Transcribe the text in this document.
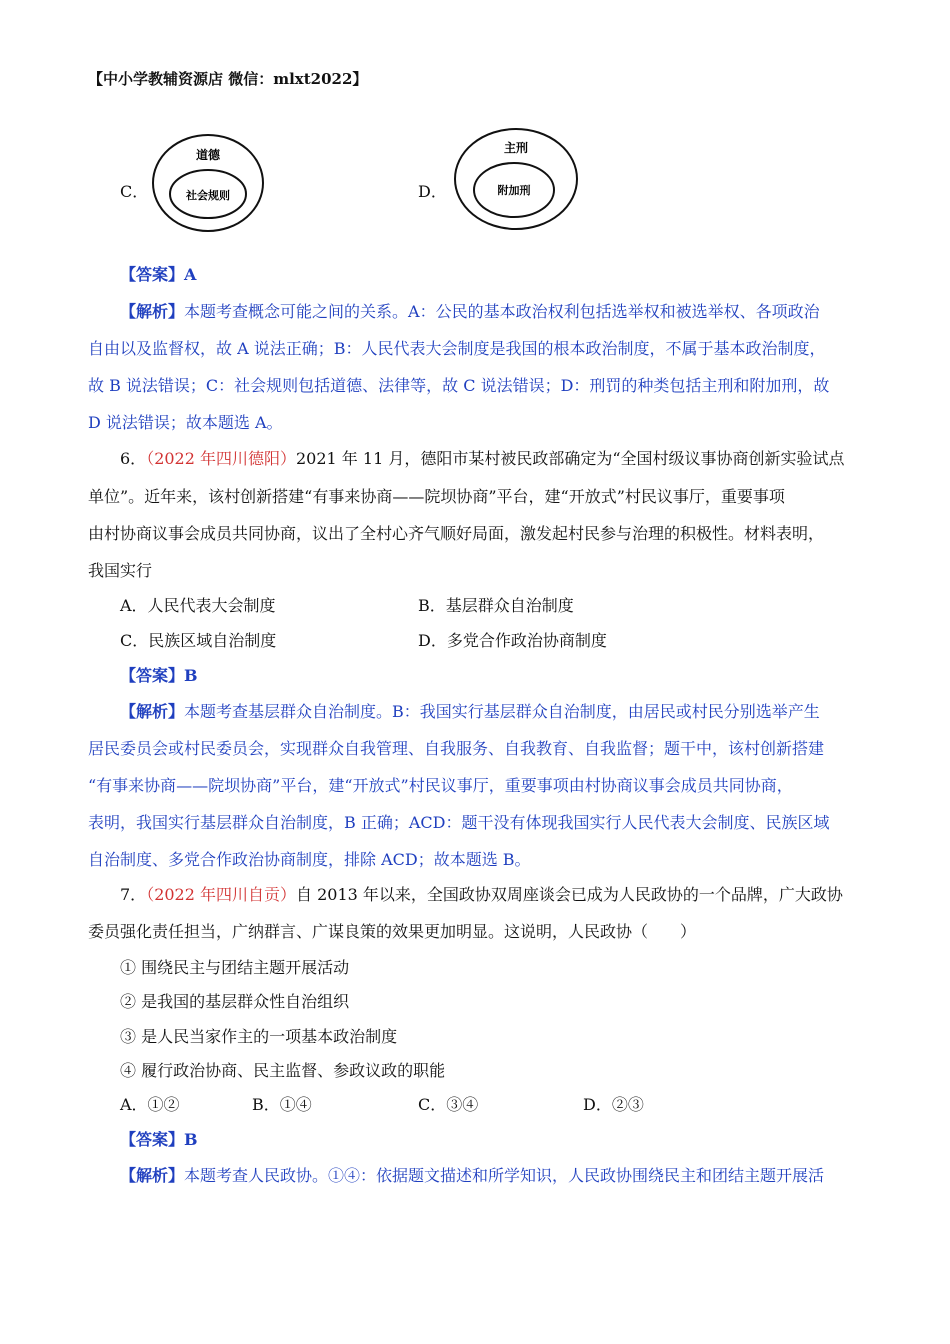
【中小学教辅资源店 微信：mlxt2022】
C．
道德
社会规则	D．
主刑
附加刑
【答案】A
【解析】本题考查概念可能之间的关系。A：公民的基本政治权利包括选举权和被选举权、各项政治
自由以及监督权，故 A 说法正确；B：人民代表大会制度是我国的根本政治制度，不属于基本政治制度，
故 B 说法错误；C：社会规则包括道德、法律等，故 C 说法错误；D：刑罚的种类包括主刑和附加刑，故
D 说法错误；故本题选 A。
6．（2022 年四川德阳）2021 年 11 月，德阳市某村被民政部确定为“全国村级议事协商创新实验试点
单位”。近年来，该村创新搭建“有事来协商——院坝协商”平台，建“开放式”村民议事厅，重要事项
由村协商议事会成员共同协商，议出了全村心齐气顺好局面，激发起村民参与治理的积极性。材料表明，
我国实行
A．人民代表大会制度	B．基层群众自治制度
C．民族区域自治制度	D．多党合作政治协商制度
【答案】B
【解析】本题考查基层群众自治制度。B：我国实行基层群众自治制度，由居民或村民分别选举产生
居民委员会或村民委员会，实现群众自我管理、自我服务、自我教育、自我监督；题干中，该村创新搭建
“有事来协商——院坝协商”平台，建“开放式”村民议事厅，重要事项由村协商议事会成员共同协商，
表明，我国实行基层群众自治制度，B 正确；ACD：题干没有体现我国实行人民代表大会制度、民族区域
自治制度、多党合作政治协商制度，排除 ACD；故本题选 B。
7．（2022 年四川自贡）自 2013 年以来，全国政协双周座谈会已成为人民政协的一个品牌，广大政协
委员强化责任担当，广纳群言、广谋良策的效果更加明显。这说明，人民政协（　　）
① 围绕民主与团结主题开展活动
② 是我国的基层群众性自治组织
③ 是人民当家作主的一项基本政治制度
④ 履行政治协商、民主监督、参政议政的职能
A．①②	B．①④	C．③④	D．②③
【答案】B
【解析】本题考查人民政协。①④：依据题文描述和所学知识，人民政协围绕民主和团结主题开展活
